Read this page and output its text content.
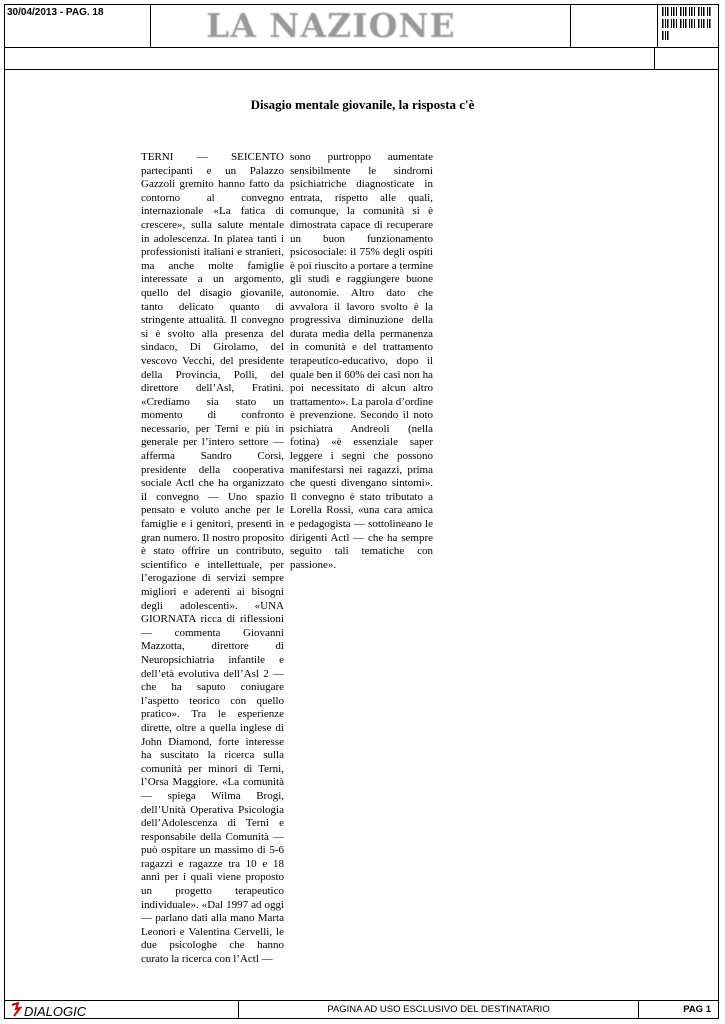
30/04/2013 - PAG. 18	LA NAZIONE
Disagio mentale giovanile, la risposta c'è
TERNI — SEICENTO partecipanti e un Palazzo Gazzoli gremito hanno fatto da contorno al convegno internazionale «La fatica di crescere», sulla salute mentale in adolescenza. In platea tanti i professionisti italiani e stranieri, ma anche molte famiglie interessate a un argomento, quello del disagio giovanile, tanto delicato quanto di stringente attualità. Il convegno si è svolto alla presenza del sindaco, Di Girolamo, del vescovo Vecchi, del presidente della Provincia, Polli, del direttore dell’Asl, Fratini. «Crediamo sia stato un momento di confronto necessario, per Terni e più in generale per l’intero settore — afferma Sandro Corsi, presidente della cooperativa sociale Actl che ha organizzato il convegno — Uno spazio pensato e voluto anche per le famiglie e i genitori, presenti in gran numero. Il nostro proposito è stato offrire un contributo, scientifico e intellettuale, per l’erogazione di servizi sempre migliori e aderenti ai bisogni degli adolescenti». «UNA GIORNATA ricca di riflessioni — commenta Giovanni Mazzotta, direttore di Neuropsichiatria infantile e dell’età evolutiva dell’Asl 2 — che ha saputo coniugare l’aspetto teorico con quello pratico». Tra le esperienze dirette, oltre a quella inglese di John Diamond, forte interesse ha suscitato la ricerca sulla comunità per minori di Terni, l’Orsa Maggiore. «La comunità — spiega Wilma Brogi, dell’Unità Operativa Psicologia dell’Adolescenza di Terni e responsabile della Comunità — può ospitare un massimo di 5-6 ragazzi e ragazze tra 10 e 18 anni per i quali viene proposto un progetto terapeutico individuale». «Dal 1997 ad oggi — parlano dati alla mano Marta Leonori e Valentina Cervelli, le due psicologhe che hanno curato la ricerca con l’Actl —
sono purtroppo aumentate sensibilmente le sindromi psichiatriche diagnosticate in entrata, rispetto alle quali, comunque, la comunità si è dimostrata capace di recuperare un buon funzionamento psicosociale: il 75% degli ospiti è poi riuscito a portare a termine gli studi e raggiungere buone autonomie. Altro dato che avvalora il lavoro svolto è la progressiva diminuzione della durata media della permanenza in comunità e del trattamento terapeutico-educativo, dopo il quale ben il 60% dei casi non ha poi necessitato di alcun altro trattamento». La parola d’ordine è prevenzione. Secondo il noto psichiatra Andreoli (nella fotina) «è essenziale saper leggere i segni che possono manifestarsi nei ragazzi, prima che questi divengano sintomi». Il convegno è stato tributato a Lorella Rossi, «una cara amica e pedagogista — sottolineano le dirigenti Actl — che ha sempre seguito tali tematiche con passione».
DIALOGIC	PAGINA AD USO ESCLUSIVO DEL DESTINATARIO	PAG 1
